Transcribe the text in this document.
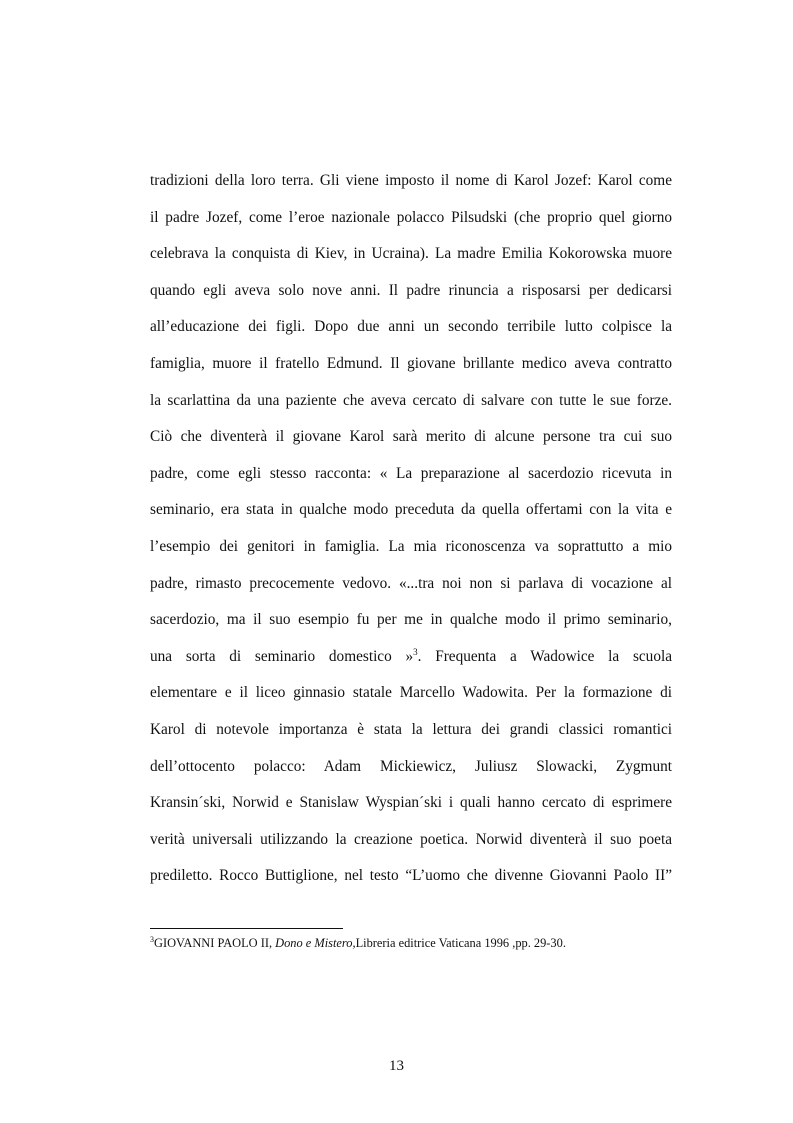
tradizioni della loro terra. Gli viene imposto il nome di Karol Jozef: Karol come
il padre Jozef, come l’eroe nazionale polacco Pilsudski (che proprio quel giorno
celebrava la conquista di Kiev, in Ucraina). La madre Emilia Kokorowska muore
quando egli aveva solo nove anni. Il padre rinuncia a risposarsi per dedicarsi
all’educazione dei figli. Dopo due anni un secondo terribile lutto colpisce la
famiglia, muore il fratello Edmund. Il giovane brillante medico aveva contratto
la scarlattina da una paziente che aveva cercato di salvare con tutte le sue forze.
Ciò che diventerà il giovane Karol sarà merito di alcune persone tra cui suo
padre, come egli stesso racconta: « La preparazione al sacerdozio ricevuta in
seminario, era stata in qualche modo preceduta da quella offertami con la vita e
l’esempio dei genitori in famiglia. La mia riconoscenza va soprattutto a mio
padre, rimasto precocemente vedovo. «...tra noi non si parlava di vocazione al
sacerdozio, ma il suo esempio fu per me in qualche modo il primo seminario,
una sorta di seminario domestico »$^3$. Frequenta a Wadowice la scuola
elementare e il liceo ginnasio statale Marcello Wadowita. Per la formazione di
Karol di notevole importanza è stata la lettura dei grandi classici romantici
dell’ottocento polacco: Adam Mickiewicz, Juliusz Slowacki, Zygmunt
Kransin´ski, Norwid e Stanislaw Wyspian´ski i quali hanno cercato di esprimere
verità universali utilizzando la creazione poetica. Norwid diventerà il suo poeta
prediletto. Rocco Buttiglione, nel testo “L’uomo che divenne Giovanni Paolo II”
$^3$GIOVANNI PAOLO II, Dono e Mistero,Libreria editrice Vaticana 1996 ,pp. 29-30.
13
